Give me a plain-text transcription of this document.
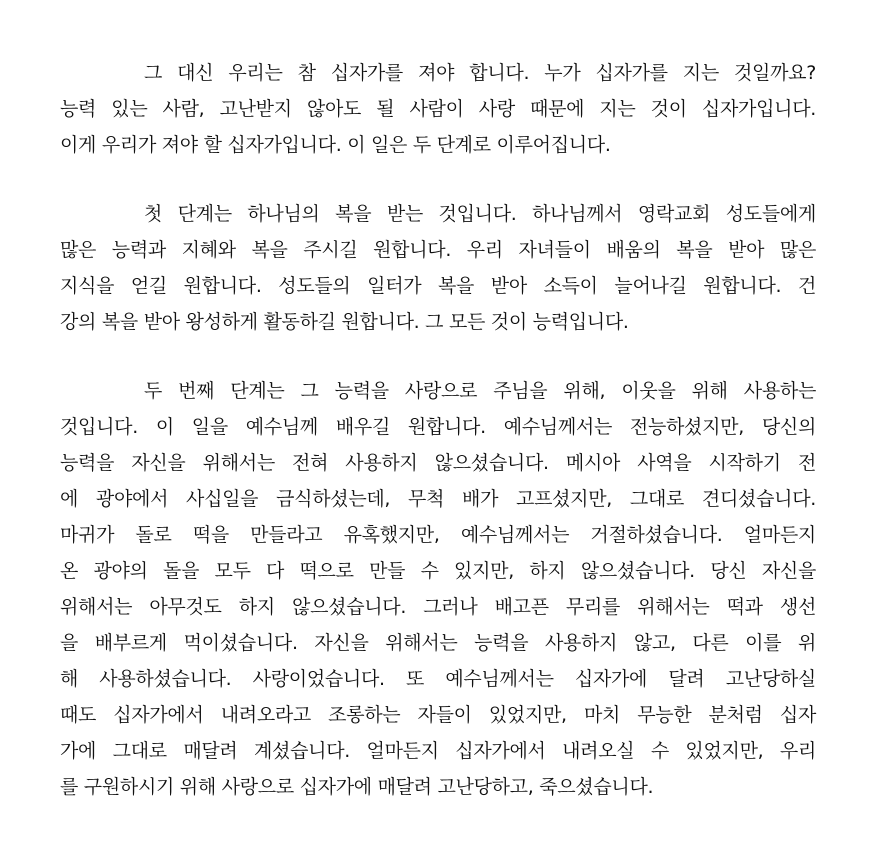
그 대신 우리는 참 십자가를 져야 합니다. 누가 십자가를 지는 것일까요?
능력 있는 사람, 고난받지 않아도 될 사람이 사랑 때문에 지는 것이 십자가입니다.
이게 우리가 져야 할 십자가입니다. 이 일은 두 단계로 이루어집니다.
첫 단계는 하나님의 복을 받는 것입니다. 하나님께서 영락교회 성도들에게
많은 능력과 지혜와 복을 주시길 원합니다. 우리 자녀들이 배움의 복을 받아 많은
지식을 얻길 원합니다. 성도들의 일터가 복을 받아 소득이 늘어나길 원합니다. 건
강의 복을 받아 왕성하게 활동하길 원합니다. 그 모든 것이 능력입니다.
두 번째 단계는 그 능력을 사랑으로 주님을 위해, 이웃을 위해 사용하는
것입니다. 이 일을 예수님께 배우길 원합니다. 예수님께서는 전능하셨지만, 당신의
능력을 자신을 위해서는 전혀 사용하지 않으셨습니다. 메시아 사역을 시작하기 전
에 광야에서 사십일을 금식하셨는데, 무척 배가 고프셨지만, 그대로 견디셨습니다.
마귀가 돌로 떡을 만들라고 유혹했지만, 예수님께서는 거절하셨습니다. 얼마든지
온 광야의 돌을 모두 다 떡으로 만들 수 있지만, 하지 않으셨습니다. 당신 자신을
위해서는 아무것도 하지 않으셨습니다. 그러나 배고픈 무리를 위해서는 떡과 생선
을 배부르게 먹이셨습니다. 자신을 위해서는 능력을 사용하지 않고, 다른 이를 위
해 사용하셨습니다. 사랑이었습니다. 또 예수님께서는 십자가에 달려 고난당하실
때도 십자가에서 내려오라고 조롱하는 자들이 있었지만, 마치 무능한 분처럼 십자
가에 그대로 매달려 계셨습니다. 얼마든지 십자가에서 내려오실 수 있었지만, 우리
를 구원하시기 위해 사랑으로 십자가에 매달려 고난당하고, 죽으셨습니다.
